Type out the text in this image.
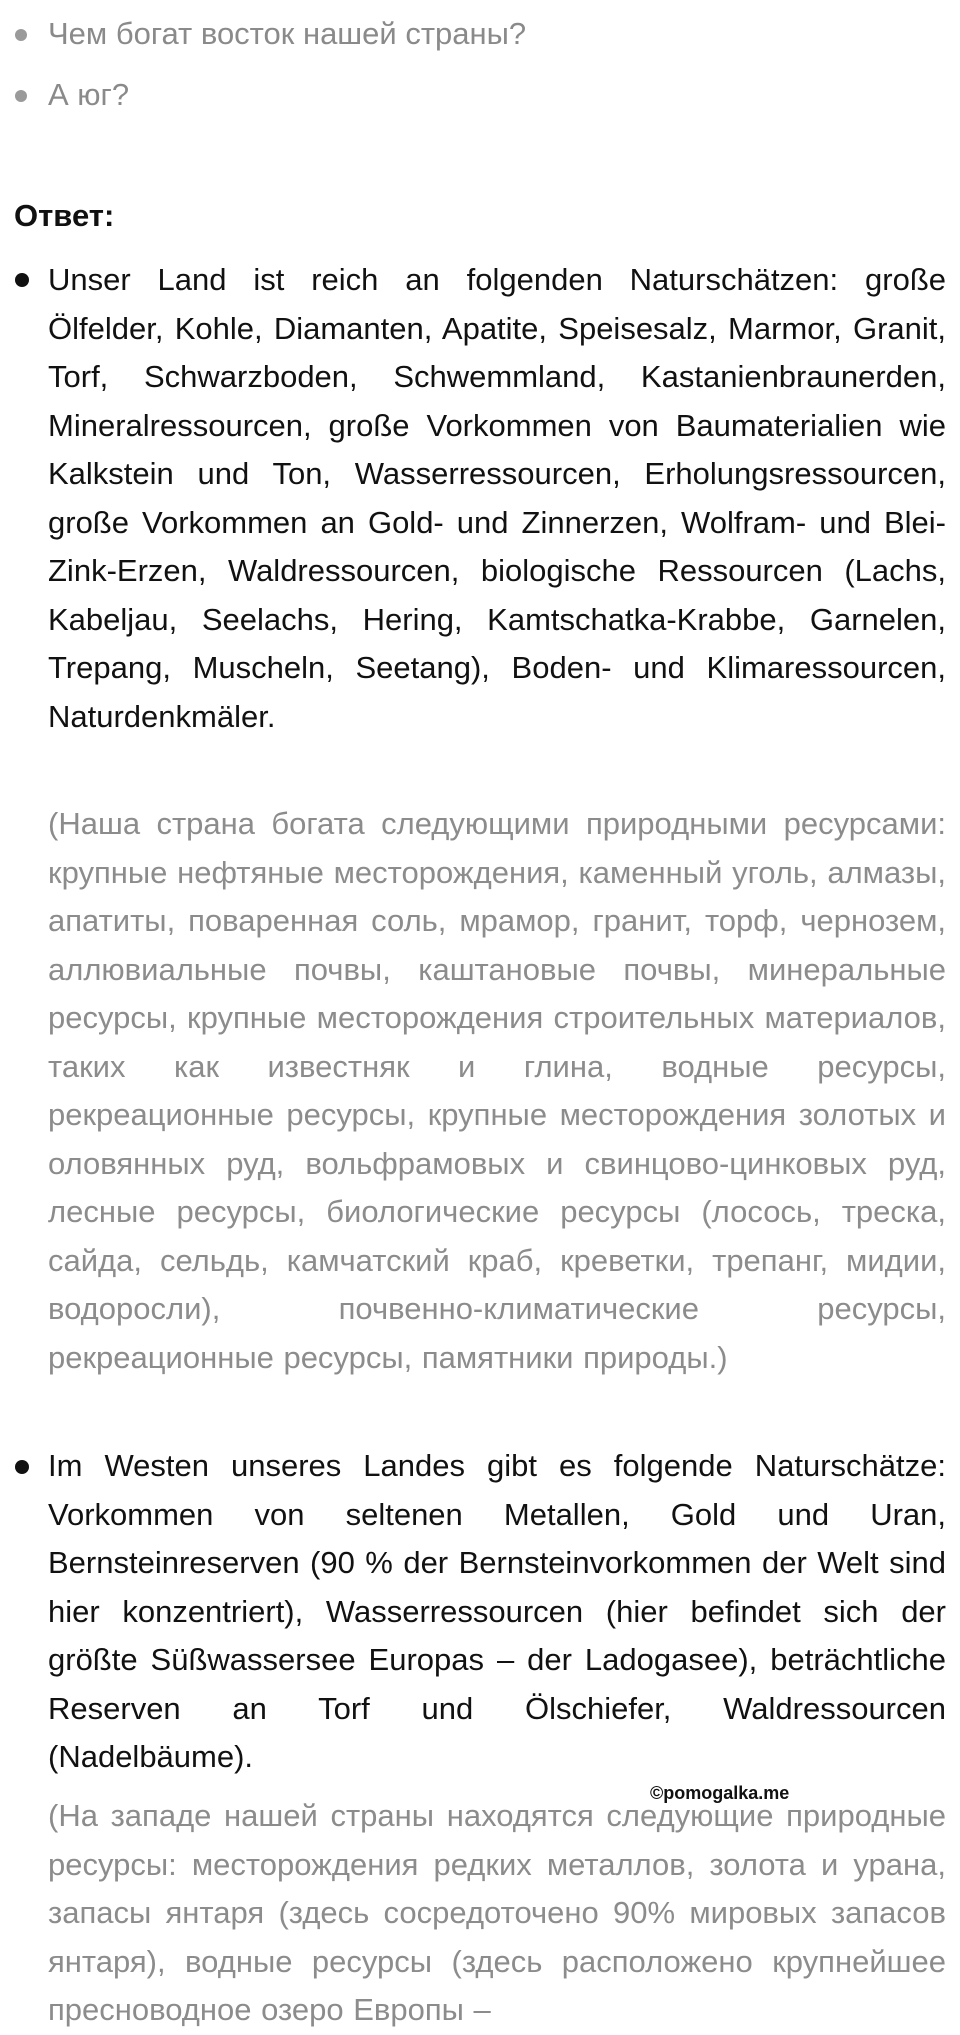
Чем богат восток нашей страны?
А юг?
Ответ:
Unser Land ist reich an folgenden Naturschätzen: große Ölfelder, Kohle, Diamanten, Apatite, Speisesalz, Marmor, Granit, Torf, Schwarzboden, Schwemmland, Kastanienbraunerden, Mineralressourcen, große Vorkommen von Baumaterialien wie Kalkstein und Ton, Wasserressourcen, Erholungsressourcen, große Vorkommen an Gold- und Zinnerzen, Wolfram- und Blei-Zink-Erzen, Waldressourcen, biologische Ressourcen (Lachs, Kabeljau, Seelachs, Hering, Kamtschatka-Krabbe, Garnelen, Trepang, Muscheln, Seetang), Boden- und Klimaressourcen, Naturdenkmäler.
(Наша страна богата следующими природными ресурсами: крупные нефтяные месторождения, каменный уголь, алмазы, апатиты, поваренная соль, мрамор, гранит, торф, чернозем, аллювиальные почвы, каштановые почвы, минеральные ресурсы, крупные месторождения строительных материалов, таких как известняк и глина, водные ресурсы, рекреационные ресурсы, крупные месторождения золотых и оловянных руд, вольфрамовых и свинцово-цинковых руд, лесные ресурсы, биологические ресурсы (лосось, треска, сайда, сельдь, камчатский краб, креветки, трепанг, мидии, водоросли), почвенно-климатические ресурсы, рекреационные ресурсы, памятники природы.)
Im Westen unseres Landes gibt es folgende Naturschätze: Vorkommen von seltenen Metallen, Gold und Uran, Bernsteinreserven (90 % der Bernsteinvorkommen der Welt sind hier konzentriert), Wasserressourcen (hier befindet sich der größte Süßwassersee Europas – der Ladogasee), beträchtliche Reserven an Torf und Ölschiefer, Waldressourcen (Nadelbäume).
(На западе нашей страны находятся следующие природные ресурсы: месторождения редких металлов, золота и урана, запасы янтаря (здесь сосредоточено 90% мировых запасов янтаря), водные ресурсы (здесь расположено крупнейшее пресноводное озеро Европы –
©pomogalka.me
